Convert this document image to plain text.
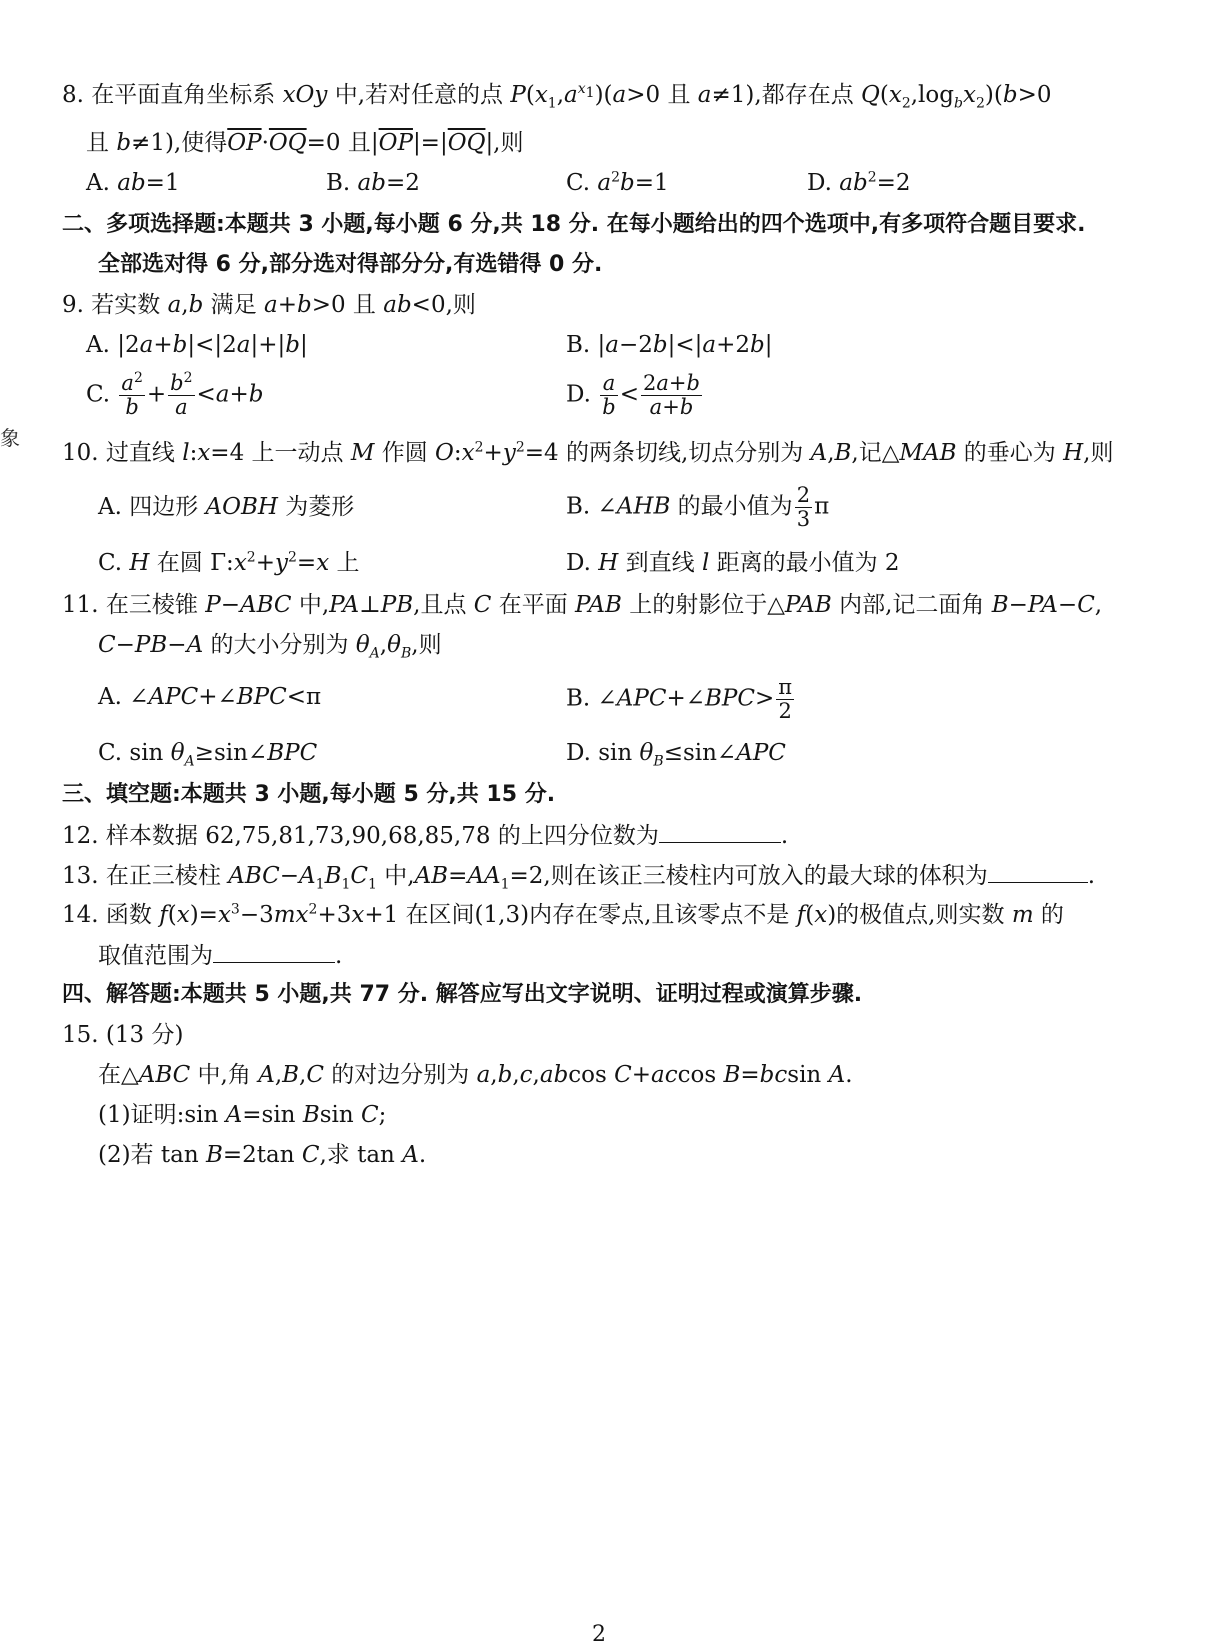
8. 在平面直角坐标系 xOy 中,若对任意的点 $P(x_1,a^{x_1})(a>0$ 且 a≠1),都存在点 $Q(x_2,\log_bx_2)(b>0$
且 b≠1),使得$\overline{OP}\cdot\overline{OQ}=0$ 且$|\overline{OP}|=|\overline{OQ}|$,则
A. ab=1	B. ab=2	C. $a^2b=1$	D. $ab^2=2$
二、多项选择题:本题共 3 小题,每小题 6 分,共 18 分. 在每小题给出的四个选项中,有多项符合题目要求.
全部选对得 6 分,部分选对得部分分,有选错得 0 分.
9. 若实数 a,b 满足 a+b>0 且 ab<0,则
A. |2a+b|<|2a|+|b|	B. |a−2b|<|a+2b|
C. $\frac{a^2}{b} + \frac{b^2}{a} <a+b$	D. $\frac{a}{b} < \frac{2a+b}{a+b}$
10. 过直线 l:x=4 上一动点 M 作圆 $O:x^2+y^2=4$ 的两条切线,切点分别为 A,B,记△MAB 的垂心为 H,则
A. 四边形 AOBH 为菱形	B. ∠AHB 的最小值为 $\frac{2}{3}$ π
C. H 在圆 $\Gamma:x^2+y^2=x$ 上	D. H 到直线 l 距离的最小值为 2
11. 在三棱锥 P−ABC 中,PA⊥PB,且点 C 在平面 PAB 上的射影位于△PAB 内部,记二面角 B−PA−C,
C−PB−A 的大小分别为 $\theta_A,\theta_B$,则
A. ∠APC+∠BPC<π	B. ∠APC+∠BPC> $\frac{\pi}{2}$
C. $\sin \theta_A\ge\sin\angle BPC$	D. $\sin \theta_B\le\sin\angle APC$
三、填空题:本题共 3 小题,每小题 5 分,共 15 分.
12. 样本数据 62,75,81,73,90,68,85,78 的上四分位数为	.
13. 在正三棱柱 $ABC-A_1B_1C_1$ 中$,AB=AA_1=2$,则在该正三棱柱内可放入的最大球的体积为	.
14. 函数 $f(x)=x^3-3mx^2+3x+1$ 在区间(1,3)内存在零点,且该零点不是 f(x)的极值点,则实数 m 的
取值范围为	.
四、解答题:本题共 5 小题,共 77 分. 解答应写出文字说明、证明过程或演算步骤.
15. (13 分)
在△ABC 中,角 A,B,C 的对边分别为 a,b,c,abcos C+accos B=bcsin A.
(1)证明:sin A=sin Bsin C;
(2)若 tan B=2tan C,求 tan A.
象
2
